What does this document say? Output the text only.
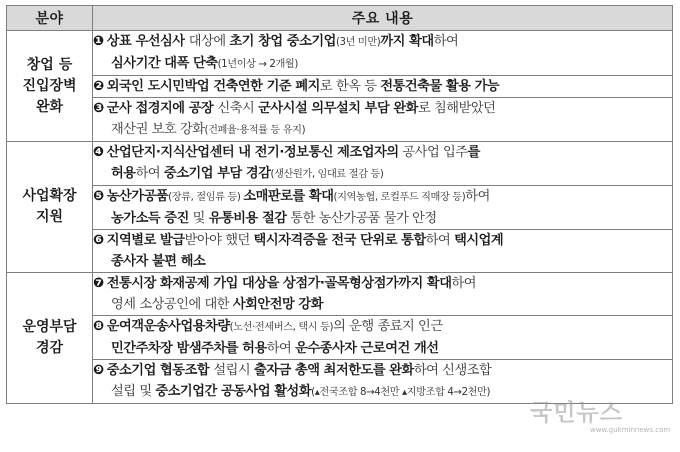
분야	주요 내용

창업 등
진입장벽
완화	❶ 상표 우선심사 대상에 초기 창업 중소기업(3년 미만)까지 확대하여
심사기간 대폭 단축(1년이상 → 2개월)

	❷ 외국인 도시민박업 건축연한 기준 폐지로 한옥 등 전통건축물 활용 가능

	❸ 군사 접경지에 공장 신축시 군사시설 의무설치 부담 완화로 침해받았던
재산권 보호 강화(건폐율·용적률 등 유지)

사업확장
지원	❹ 산업단지·지식산업센터 내 전기·정보통신 제조업자의 공사업 입주를
허용하여 중소기업 부담 경감(생산원가, 임대료 절감 등)

	❺ 농산가공품(장류, 절임류 등) 소매판로를 확대(지역농협, 로컬푸드 직매장 등)하여
농가소득 증진 및 유통비용 절감 통한 농산가공품 물가 안정

	❻ 지역별로 발급받아야 했던 택시자격증을 전국 단위로 통합하여 택시업계
종사자 불편 해소

운영부담
경감	❼ 전통시장 화재공제 가입 대상을 상점가·골목형상점가까지 확대하여
영세 소상공인에 대한 사회안전망 강화

	❽ 운여객운송사업용차량(노선·전세버스, 택시 등)의 운행 종료지 인근
민간주차장 밤샘주차를 허용하여 운수종사자 근로여건 개선

	❾ 중소기업 협동조합 설립시 출자금 총액 최저한도를 완화하여 신생조합
설립 및 중소기업간 공동사업 활성화(▴전국조합 8→4천만 ▴지방조합 4→2천만)
국민뉴스
www.gukminnews.com
